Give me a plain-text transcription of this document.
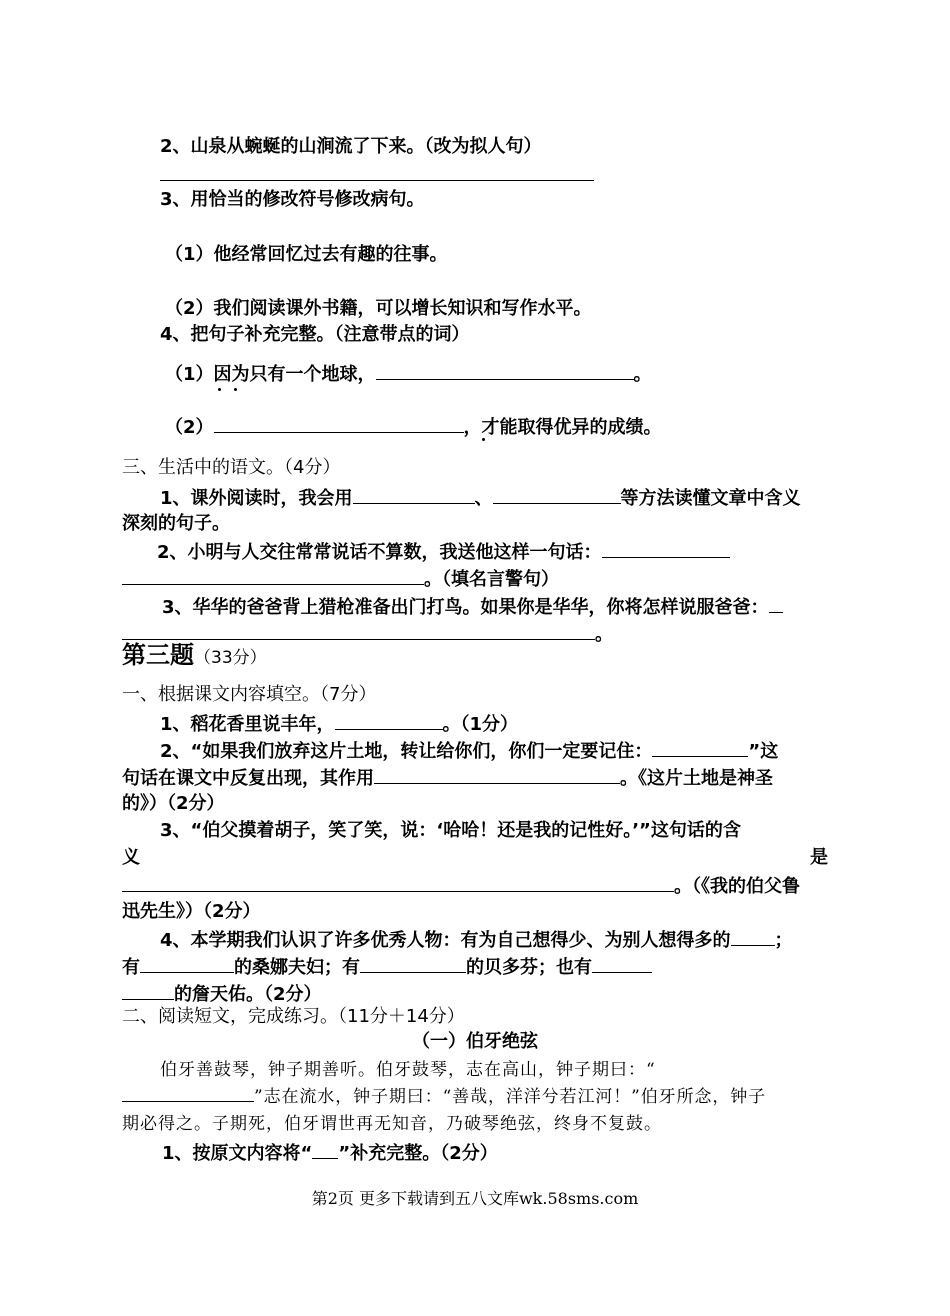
2、山泉从蜿蜒的山涧流了下来。（改为拟人句）
3、用恰当的修改符号修改病句。
（1）他经常回忆过去有趣的往事。
（2）我们阅读课外书籍，可以增长知识和写作水平。
4、把句子补充完整。（注意带点的词）
（1）因为只有一个地球，	。
（2）	，才能取得优异的成绩。
三、生活中的语文。（4分）
1、课外阅读时，我会用	、	等方法读懂文章中含义
深刻的句子。
2、小明与人交往常常说话不算数，我送他这样一句话：
。（填名言警句）
3、华华的爸爸背上猎枪准备出门打鸟。如果你是华华，你将怎样说服爸爸：
。
第三题（33分）
一、根据课文内容填空。（7分）
1、稻花香里说丰年，	。（1分）
2、“如果我们放弃这片土地，转让给你们，你们一定要记住：	”这
句话在课文中反复出现，其作用	。《这片土地是神圣
的》）（2分）
3、“伯父摸着胡子，笑了笑，说：‘哈哈！还是我的记性好。’”这句话的含
义	是
。（《我的伯父鲁
迅先生》）（2分）
4、本学期我们认识了许多优秀人物：有为自己想得少、为别人想得多的 ；
有	的桑娜夫妇；有	的贝多芬；也有
的詹天佑。（2分）
二、阅读短文，完成练习。（11分＋14分）
（一）伯牙绝弦
伯牙善鼓琴，钟子期善听。伯牙鼓琴，志在高山，钟子期曰：“
”志在流水，钟子期曰：“善哉，洋洋兮若江河！”伯牙所念，钟子
期必得之。子期死，伯牙谓世再无知音，乃破琴绝弦，终身不复鼓。
1、按原文内容将“ ”补充完整。（2分）
第2页 更多下载请到五八文库wk.58sms.com
